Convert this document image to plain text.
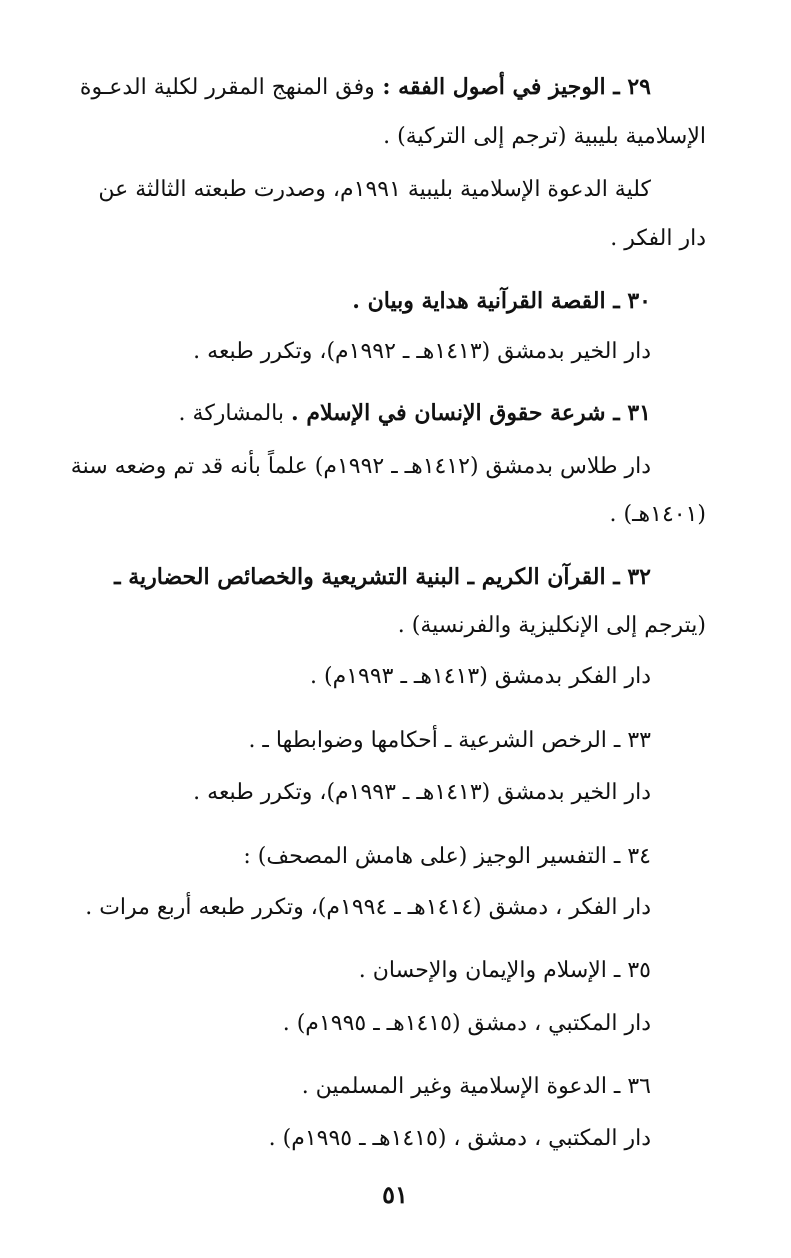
٢٩ ـ الوجيز في أصول الفقه : وفق المنهج المقرر لكلية الدعـوة
الإسلامية بليبية (ترجم إلى التركية) .
كلية الدعوة الإسلامية بليبية ١٩٩١م، وصدرت طبعته الثالثة عن
دار الفكر .
٣٠ ـ القصة القرآنية هداية وبيان .
دار الخير بدمشق (١٤١٣هـ ـ ١٩٩٢م)، وتكرر طبعه .
٣١ ـ شرعة حقوق الإنسان في الإسلام . بالمشاركة .
دار طلاس بدمشق (١٤١٢هـ ـ ١٩٩٢م) علماً بأنه قد تم وضعه سنة
(١٤٠١هـ) .
٣٢ ـ القرآن الكريم ـ البنية التشريعية والخصائص الحضارية ـ
(يترجم إلى الإنكليزية والفرنسية) .
دار الفكر بدمشق (١٤١٣هـ ـ ١٩٩٣م) .
٣٣ ـ الرخص الشرعية ـ أحكامها وضوابطها ـ .
دار الخير بدمشق (١٤١٣هـ ـ ١٩٩٣م)، وتكرر طبعه .
٣٤ ـ التفسير الوجيز (على هامش المصحف) :
دار الفكر ، دمشق (١٤١٤هـ ـ ١٩٩٤م)، وتكرر طبعه أربع مرات .
٣٥ ـ الإسلام والإيمان والإحسان .
دار المكتبي ، دمشق (١٤١٥هـ ـ ١٩٩٥م) .
٣٦ ـ الدعوة الإسلامية وغير المسلمين .
دار المكتبي ، دمشق ، (١٤١٥هـ ـ ١٩٩٥م) .
٥١
